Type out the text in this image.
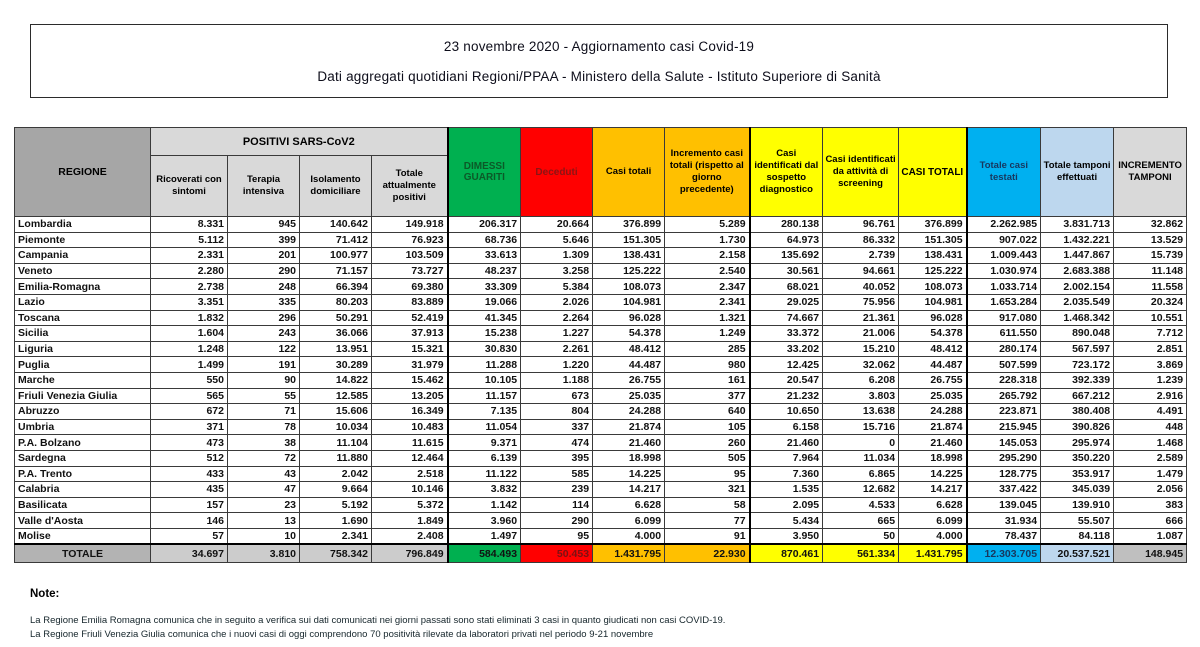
23 novembre 2020 - Aggiornamento casi Covid-19
Dati aggregati quotidiani Regioni/PPAA - Ministero della Salute - Istituto Superiore di Sanità
REGIONE	POSITIVI SARS-CoV2				DIMESSI GUARITI	Deceduti	Casi totali	Incremento casi totali (rispetto al giorno precedente)	Casi identificati dal sospetto diagnostico	Casi identificati da attività di screening	CASI TOTALI	Totale casi testati	Totale tamponi effettuati	INCREMENTO TAMPONI
	Ricoverati con sintomi	Terapia intensiva	Isolamento domiciliare	Totale attualmente positivi										
Lombardia	8.331	945	140.642	149.918	206.317	20.664	376.899	5.289	280.138	96.761	376.899	2.262.985	3.831.713	32.862
Piemonte	5.112	399	71.412	76.923	68.736	5.646	151.305	1.730	64.973	86.332	151.305	907.022	1.432.221	13.529
Campania	2.331	201	100.977	103.509	33.613	1.309	138.431	2.158	135.692	2.739	138.431	1.009.443	1.447.867	15.739
Veneto	2.280	290	71.157	73.727	48.237	3.258	125.222	2.540	30.561	94.661	125.222	1.030.974	2.683.388	11.148
Emilia-Romagna	2.738	248	66.394	69.380	33.309	5.384	108.073	2.347	68.021	40.052	108.073	1.033.714	2.002.154	11.558
Lazio	3.351	335	80.203	83.889	19.066	2.026	104.981	2.341	29.025	75.956	104.981	1.653.284	2.035.549	20.324
Toscana	1.832	296	50.291	52.419	41.345	2.264	96.028	1.321	74.667	21.361	96.028	917.080	1.468.342	10.551
Sicilia	1.604	243	36.066	37.913	15.238	1.227	54.378	1.249	33.372	21.006	54.378	611.550	890.048	7.712
Liguria	1.248	122	13.951	15.321	30.830	2.261	48.412	285	33.202	15.210	48.412	280.174	567.597	2.851
Puglia	1.499	191	30.289	31.979	11.288	1.220	44.487	980	12.425	32.062	44.487	507.599	723.172	3.869
Marche	550	90	14.822	15.462	10.105	1.188	26.755	161	20.547	6.208	26.755	228.318	392.339	1.239
Friuli Venezia Giulia	565	55	12.585	13.205	11.157	673	25.035	377	21.232	3.803	25.035	265.792	667.212	2.916
Abruzzo	672	71	15.606	16.349	7.135	804	24.288	640	10.650	13.638	24.288	223.871	380.408	4.491
Umbria	371	78	10.034	10.483	11.054	337	21.874	105	6.158	15.716	21.874	215.945	390.826	448
P.A. Bolzano	473	38	11.104	11.615	9.371	474	21.460	260	21.460	0	21.460	145.053	295.974	1.468
Sardegna	512	72	11.880	12.464	6.139	395	18.998	505	7.964	11.034	18.998	295.290	350.220	2.589
P.A. Trento	433	43	2.042	2.518	11.122	585	14.225	95	7.360	6.865	14.225	128.775	353.917	1.479
Calabria	435	47	9.664	10.146	3.832	239	14.217	321	1.535	12.682	14.217	337.422	345.039	2.056
Basilicata	157	23	5.192	5.372	1.142	114	6.628	58	2.095	4.533	6.628	139.045	139.910	383
Valle d'Aosta	146	13	1.690	1.849	3.960	290	6.099	77	5.434	665	6.099	31.934	55.507	666
Molise	57	10	2.341	2.408	1.497	95	4.000	91	3.950	50	4.000	78.437	84.118	1.087
TOTALE	34.697	3.810	758.342	796.849	584.493	50.453	1.431.795	22.930	870.461	561.334	1.431.795	12.303.705	20.537.521	148.945
Note:
La Regione Emilia Romagna comunica che in seguito a verifica sui dati comunicati nei giorni passati sono stati eliminati 3 casi in quanto giudicati non casi COVID-19.
La Regione Friuli Venezia Giulia comunica che i nuovi casi di oggi comprendono 70 positività rilevate da laboratori privati nel periodo 9-21 novembre
